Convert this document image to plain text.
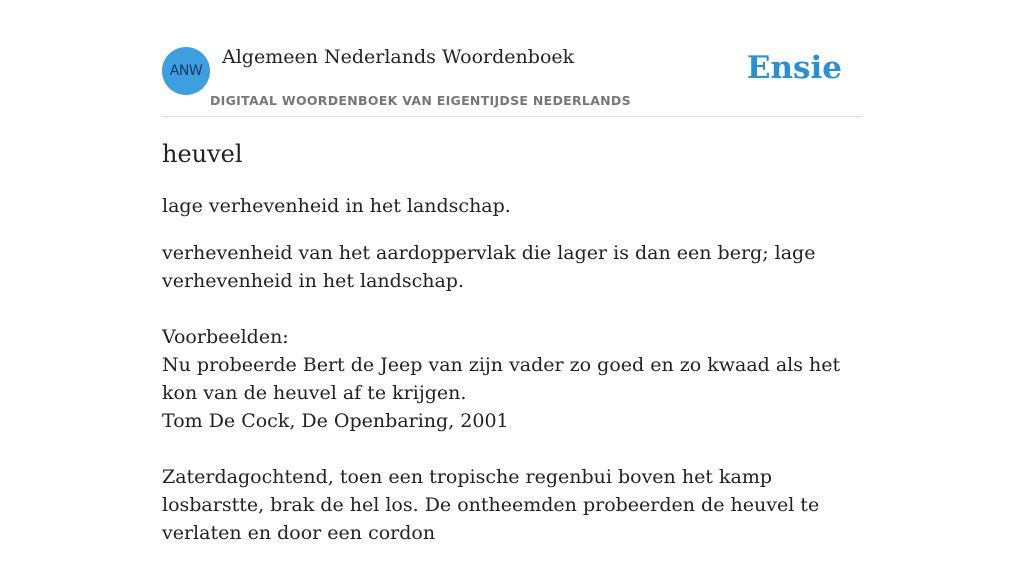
ANW
Algemeen Nederlands Woordenboek
DIGITAAL WOORDENBOEK VAN EIGENTIJDSE NEDERLANDS
Ensie
heuvel

lage verhevenheid in het landschap.

verhevenheid van het aardoppervlak die lager is dan een berg; lage verhevenheid in het landschap.

Voorbeelden:

Nu probeerde Bert de Jeep van zijn vader zo goed en zo kwaad als het kon van de heuvel af te krijgen.

Tom De Cock, De Openbaring, 2001

Zaterdagochtend, toen een tropische regenbui boven het kamp losbarstte, brak de hel los. De ontheemden probeerden de heuvel te verlaten en door een cordon
